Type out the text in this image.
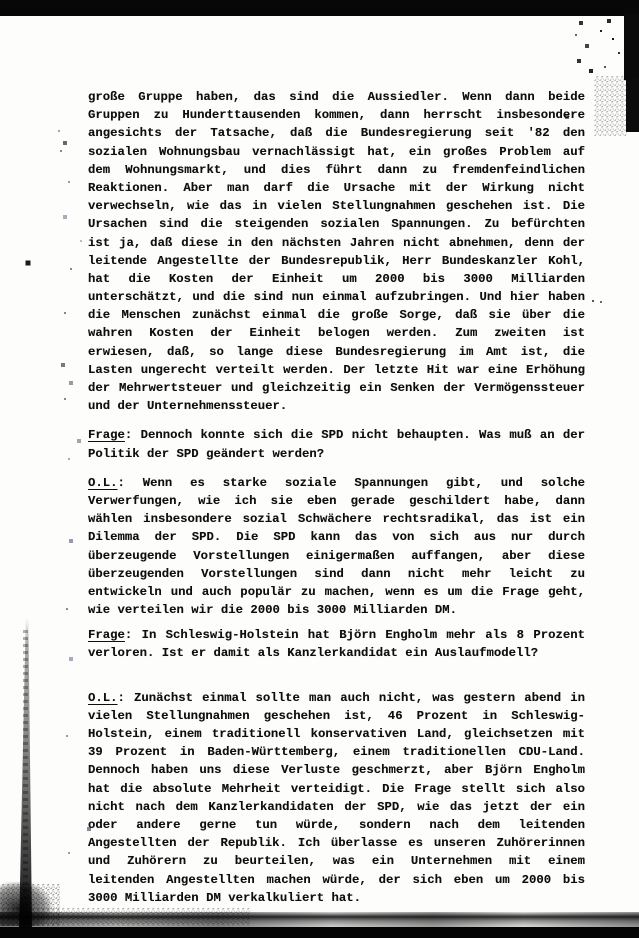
große Gruppe haben, das sind die Aussiedler. Wenn dann beide
Gruppen zu Hunderttausenden kommen, dann herrscht insbesondere
angesichts der Tatsache, daß die Bundesregierung seit '82 den
sozialen Wohnungsbau vernachlässigt hat, ein großes Problem auf
dem Wohnungsmarkt, und dies führt dann zu fremdenfeindlichen
Reaktionen. Aber man darf die Ursache mit der Wirkung nicht
verwechseln, wie das in vielen Stellungnahmen geschehen ist. Die
Ursachen sind die steigenden sozialen Spannungen. Zu befürchten
ist ja, daß diese in den nächsten Jahren nicht abnehmen, denn der
leitende Angestellte der Bundesrepublik, Herr Bundeskanzler Kohl,
hat die Kosten der Einheit um 2000 bis 3000 Milliarden
unterschätzt, und die sind nun einmal aufzubringen. Und hier haben
die Menschen zunächst einmal die große Sorge, daß sie über die
wahren Kosten der Einheit belogen werden. Zum zweiten ist
erwiesen, daß, so lange diese Bundesregierung im Amt ist, die
Lasten ungerecht verteilt werden. Der letzte Hit war eine Erhöhung
der Mehrwertsteuer und gleichzeitig ein Senken der Vermögenssteuer
und der Unternehmenssteuer.
Frage: Dennoch konnte sich die SPD nicht behaupten. Was muß an der
Politik der SPD geändert werden?
O.L.: Wenn es starke soziale Spannungen gibt, und solche
Verwerfungen, wie ich sie eben gerade geschildert habe, dann
wählen insbesondere sozial Schwächere rechtsradikal, das ist ein
Dilemma der SPD. Die SPD kann das von sich aus nur durch
überzeugende Vorstellungen einigermaßen auffangen, aber diese
überzeugenden Vorstellungen sind dann nicht mehr leicht zu
entwickeln und auch populär zu machen, wenn es um die Frage geht,
wie verteilen wir die 2000 bis 3000 Milliarden DM.
Frage: In Schleswig-Holstein hat Björn Engholm mehr als 8 Prozent
verloren. Ist er damit als Kanzlerkandidat ein Auslaufmodell?
O.L.: Zunächst einmal sollte man auch nicht, was gestern abend in
vielen Stellungnahmen geschehen ist, 46 Prozent in Schleswig-
Holstein, einem traditionell konservativen Land, gleichsetzen mit
39 Prozent in Baden-Württemberg, einem traditionellen CDU-Land.
Dennoch haben uns diese Verluste geschmerzt, aber Björn Engholm
hat die absolute Mehrheit verteidigt. Die Frage stellt sich also
nicht nach dem Kanzlerkandidaten der SPD, wie das jetzt der ein
oder andere gerne tun würde, sondern nach dem leitenden
Angestellten der Republik. Ich überlasse es unseren Zuhörerinnen
und Zuhörern zu beurteilen, was ein Unternehmen mit einem
leitenden Angestellten machen würde, der sich eben um 2000 bis
3000 Milliarden DM verkalkuliert hat.
